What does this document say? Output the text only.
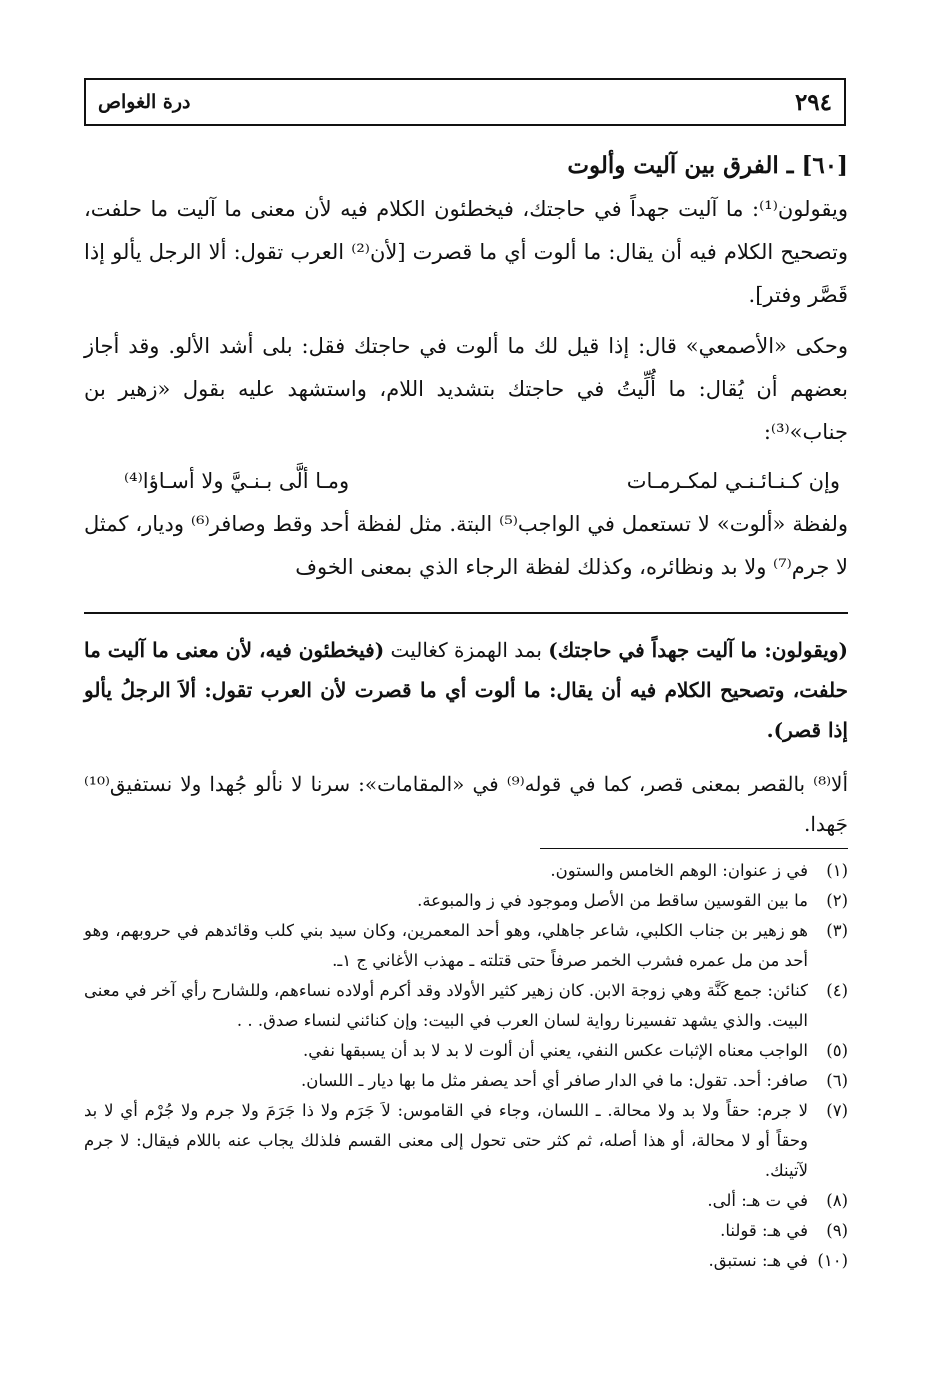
٢٩٤
درة الغواص
[٦٠] ـ الفرق بين آليت وألوت

ويقولون⁽¹⁾: ما آليت جهداً في حاجتك، فيخطئون الكلام فيه لأن معنى ما آليت ما حلفت، وتصحيح الكلام فيه أن يقال: ما ألوت أي ما قصرت [لأن⁽²⁾ العرب تقول: ألا الرجل يألو إذا قَصَّر وفتر].

وحكى «الأصمعي» قال: إذا قيل لك ما ألوت في حاجتك فقل: بلى أشد الألو. وقد أجاز بعضهم أن يُقال: ما أُلِّيتُ في حاجتك بتشديد اللام، واستشهد عليه بقول «زهير بن جناب»⁽³⁾:

وإن كـنـائـنـي لمكـرمـات
ومـا ألَّى بـنـيَّ ولا أسـاؤا⁽⁴⁾

ولفظة «ألوت» لا تستعمل في الواجب⁽⁵⁾ البتة. مثل لفظة أحد وقط وصافر⁽⁶⁾ وديار، كمثل لا جرم⁽⁷⁾ ولا بد ونظائره، وكذلك لفظة الرجاء الذي بمعنى الخوف

(ويقولون: ما آليت جهداً في حاجتك) بمد الهمزة كغاليت (فيخطئون فيه، لأن معنى ما آليت ما حلفت، وتصحيح الكلام فيه أن يقال: ما ألوت أي ما قصرت لأن العرب تقول: ألاَ الرجلُ يألو إذا قصر).

ألا⁽⁸⁾ بالقصر بمعنى قصر، كما في قوله⁽⁹⁾ في «المقامات»: سرنا لا نألو جُهدا ولا نستفيق⁽¹⁰⁾ جَهدا.

(١)
في ز عنوان: الوهم الخامس والستون.
(٢)
ما بين القوسين ساقط من الأصل وموجود في ز والمبوعة.
(٣)
هو زهير بن جناب الكلبي، شاعر جاهلي، وهو أحد المعمرين، وكان سيد بني كلب وقائدهم في حروبهم، وهو أحد من مل عمره فشرب الخمر صرفاً حتى قتلته ـ مهذب الأغاني ج ١ـ.
(٤)
كنائن: جمع كَنَّة وهي زوجة الابن. كان زهير كثير الأولاد وقد أكرم أولاده نساءهم، وللشارح رأي آخر في معنى البيت. والذي يشهد تفسيرنا رواية لسان العرب في البيت: وإن كنائني لنساء صدق. . .
(٥)
الواجب معناه الإثبات عكس النفي، يعني أن ألوت لا بد لا بد أن يسبقها نفي.
(٦)
صافر: أحد. تقول: ما في الدار صافر أي أحد يصفر مثل ما بها ديار ـ اللسان.
(٧)
لا جرم: حقاً ولا بد ولا محالة. ـ اللسان، وجاء في القاموس: لاَ جَرَم ولا ذا جَرَمَ ولا جرم ولا جُرْم أي لا بد وحقاً أو لا محالة، أو هذا أصله، ثم كثر حتى تحول إلى معنى القسم فلذلك يجاب عنه باللام فيقال: لا جرم لآتينك.
(٨)
في ت هـ: ألى.
(٩)
في هـ: قولنا.
(١٠)
في هـ: نستبق.
